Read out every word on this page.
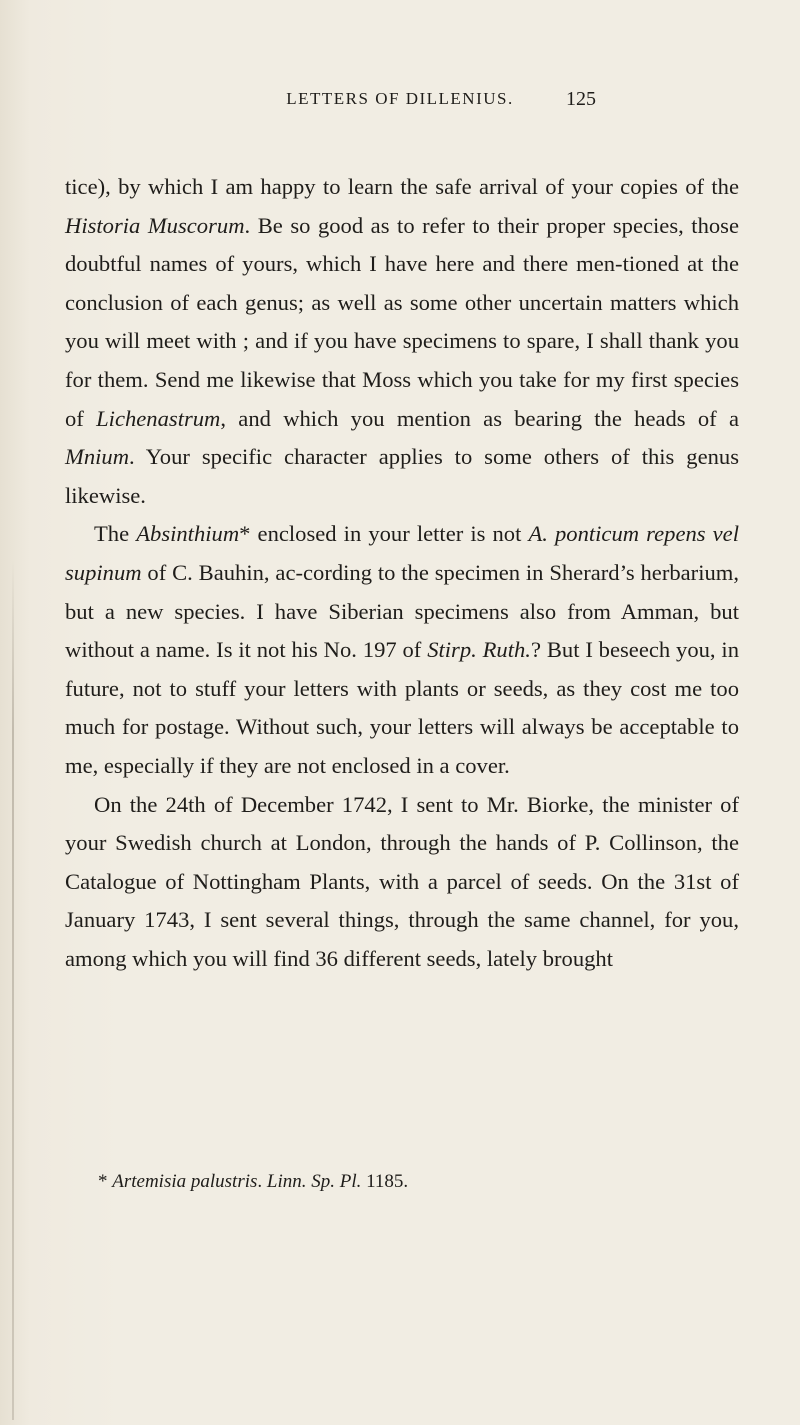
LETTERS OF DILLENIUS.	125

tice), by which I am happy to learn the safe arrival of your copies of the Historia Muscorum. Be so good as to refer to their proper species, those doubtful names of yours, which I have here and there men-tioned at the conclusion of each genus; as well as some other uncertain matters which you will meet with ; and if you have specimens to spare, I shall thank you for them. Send me likewise that Moss which you take for my first species of Lichenastrum, and which you mention as bearing the heads of a Mnium. Your specific character applies to some others of this genus likewise.

The Absinthium* enclosed in your letter is not A. ponticum repens vel supinum of C. Bauhin, ac-cording to the specimen in Sherard’s herbarium, but a new species. I have Siberian specimens also from Amman, but without a name. Is it not his No. 197 of Stirp. Ruth.? But I beseech you, in future, not to stuff your letters with plants or seeds, as they cost me too much for postage. Without such, your letters will always be acceptable to me, especially if they are not enclosed in a cover.

On the 24th of December 1742, I sent to Mr. Biorke, the minister of your Swedish church at London, through the hands of P. Collinson, the Catalogue of Nottingham Plants, with a parcel of seeds. On the 31st of January 1743, I sent several things, through the same channel, for you, among which you will find 36 different seeds, lately brought

* Artemisia palustris. Linn. Sp. Pl. 1185.
